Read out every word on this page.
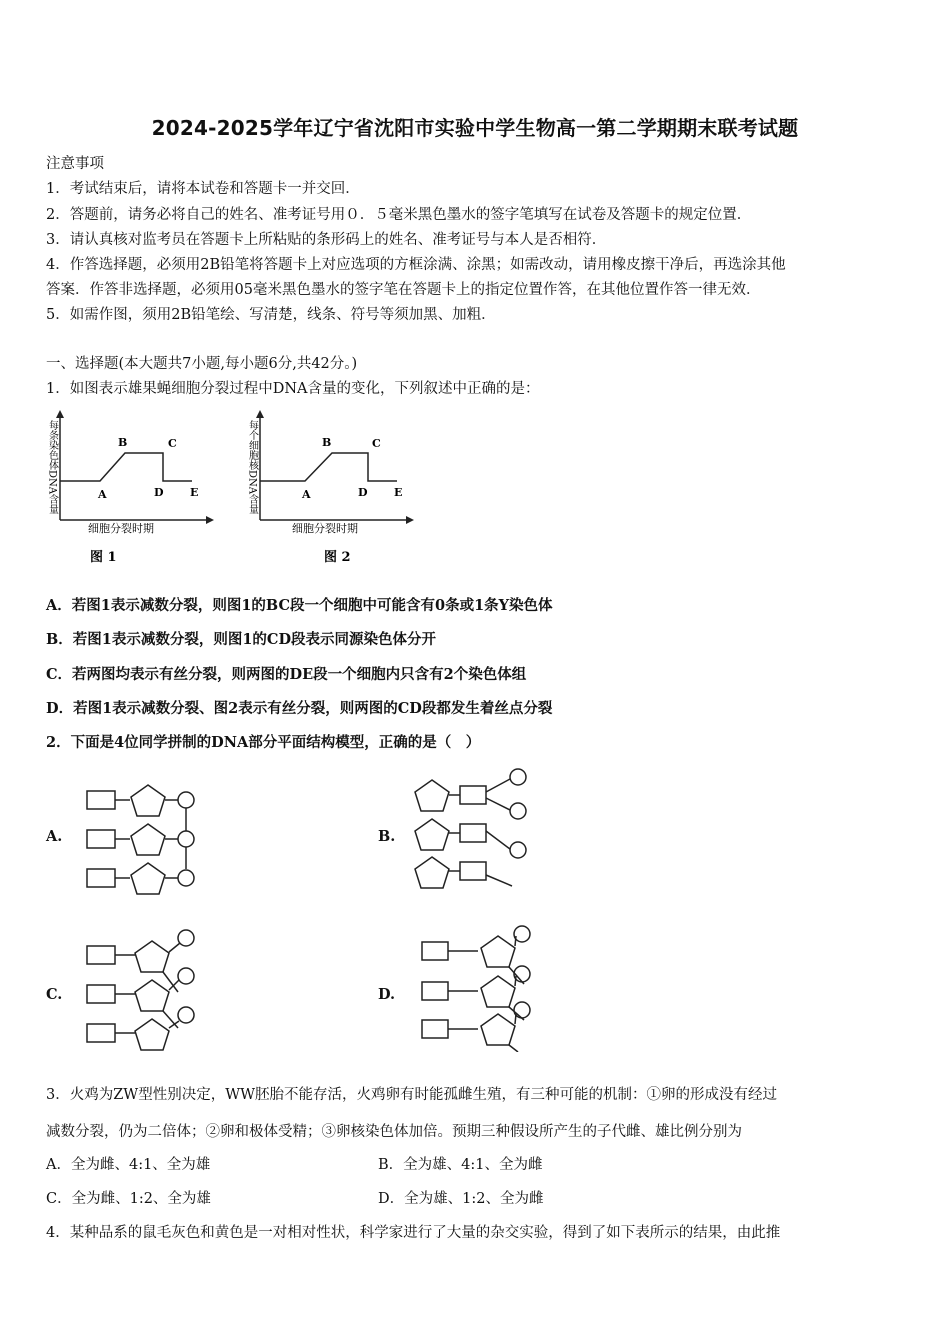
2024-2025学年辽宁省沈阳市实验中学生物高一第二学期期末联考试题
注意事项
1．考试结束后，请将本试卷和答题卡一并交回．
2．答题前，请务必将自己的姓名、准考证号用０．５毫米黑色墨水的签字笔填写在试卷及答题卡的规定位置．
3．请认真核对监考员在答题卡上所粘贴的条形码上的姓名、准考证号与本人是否相符．
4．作答选择题，必须用2B铅笔将答题卡上对应选项的方框涂满、涂黑；如需改动，请用橡皮擦干净后，再选涂其他
答案．作答非选择题，必须用05毫米黑色墨水的签字笔在答题卡上的指定位置作答，在其他位置作答一律无效．
5．如需作图，须用2B铅笔绘、写清楚，线条、符号等须加黑、加粗．
一、选择题(本大题共7小题,每小题6分,共42分。)
1．如图表示雄果蝇细胞分裂过程中DNA含量的变化，下列叙述中正确的是：
每条染色体DNA含量	A
B	C
D E
细胞分裂时期
图 1
每个细胞核DNA含量	A
B	C
D E
细胞分裂时期
图 2
A．若图1表示减数分裂，则图1的BC段一个细胞中可能含有0条或1条Y染色体
B．若图1表示减数分裂，则图1的CD段表示同源染色体分开
C．若两图均表示有丝分裂，则两图的DE段一个细胞内只含有2个染色体组
D．若图1表示减数分裂、图2表示有丝分裂，则两图的CD段都发生着丝点分裂
2．下面是4位同学拼制的DNA部分平面结构模型，正确的是（　）
A.	B.
C.	D.
3．火鸡为ZW型性别决定，WW胚胎不能存活，火鸡卵有时能孤雌生殖，有三种可能的机制：①卵的形成没有经过
减数分裂，仍为二倍体；②卵和极体受精；③卵核染色体加倍。预期三种假设所产生的子代雌、雄比例分别为
A．全为雌、4:1、全为雄	B．全为雄、4:1、全为雌
C．全为雌、1:2、全为雄	D．全为雄、1:2、全为雌
4．某种品系的鼠毛灰色和黄色是一对相对性状，科学家进行了大量的杂交实验，得到了如下表所示的结果，由此推
